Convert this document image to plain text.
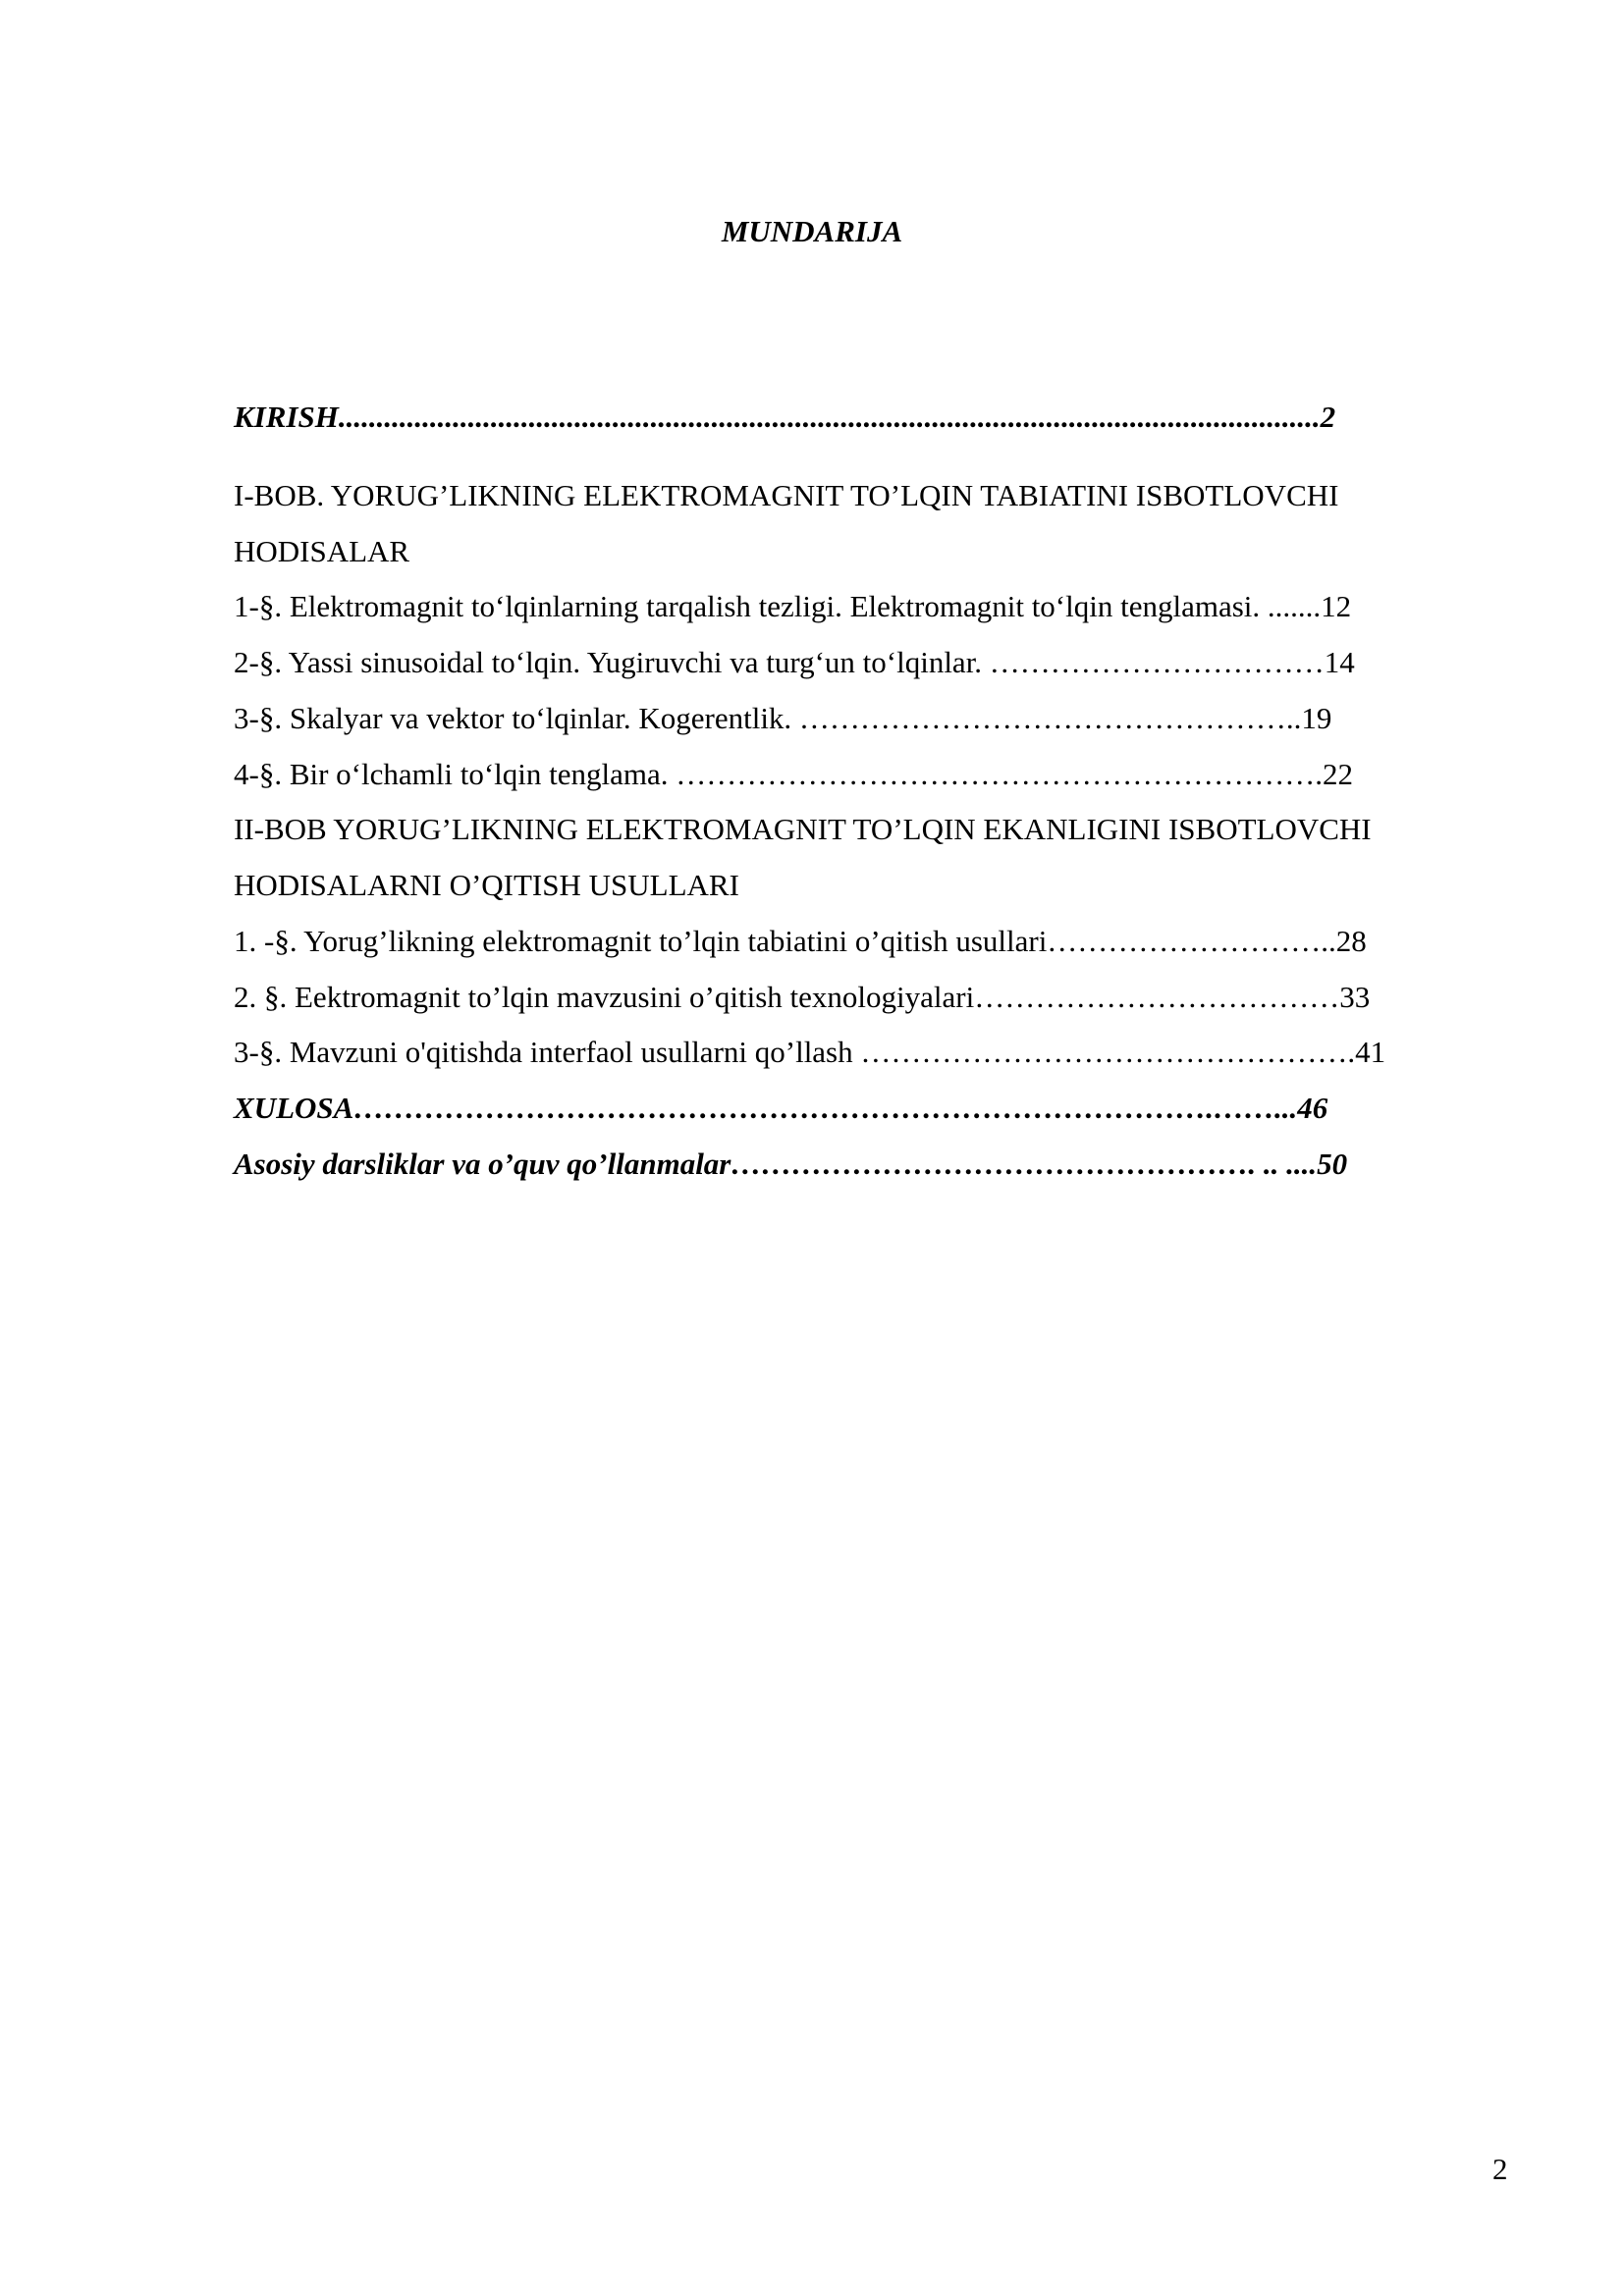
MUNDARIJA
KIRISH.................................................................................................................................2
I-BOB. YORUG’LIKNING ELEKTROMAGNIT TO’LQIN TABIATINI ISBOTLOVCHI
HODISALAR
1-§. Elektromagnit to‘lqinlarning tarqalish tezligi. Elektromagnit to‘lqin tenglamasi. .......12
2-§. Yassi sinusoidal to‘lqin. Yugiruvchi va turg‘un to‘lqinlar. ……………………………14
3-§. Skalyar va vektor to‘lqinlar. Kogerentlik. …………………………………………..19
4-§. Bir o‘lchamli to‘lqin tenglama. ……………………………………………………….22
II-BOB YORUG’LIKNING ELEKTROMAGNIT TO’LQIN EKANLIGINI ISBOTLOVCHI
HODISALARNI O’QITISH USULLARI
1. -§. Yorug’likning elektromagnit to’lqin tabiatini o’qitish usullari………………………..28
2. §. Eektromagnit to’lqin mavzusini o’qitish texnologiyalari………………………………33
3-§. Mavzuni o'qitishda interfaol usullarni qo’llash ………………………………………….41
XULOSA………………………………………………………………………….……...46
Asosiy darsliklar va o’quv qo’llanmalar……………………………………………. .. ....50
2
